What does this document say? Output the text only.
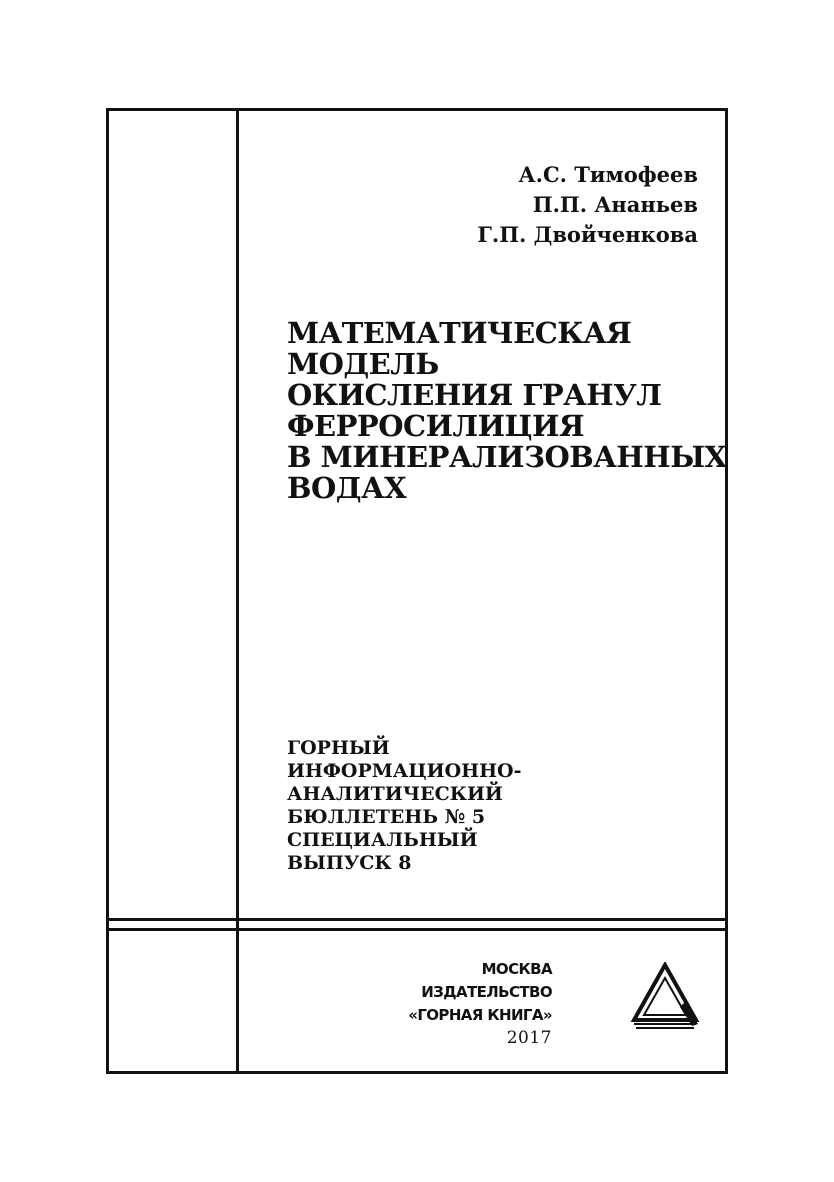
А.С. Тимофеев
П.П. Ананьев
Г.П. Двойченкова
МАТЕМАТИЧЕСКАЯ
МОДЕЛЬ
ОКИСЛЕНИЯ ГРАНУЛ
ФЕРРОСИЛИЦИЯ
В МИНЕРАЛИЗОВАННЫХ
ВОДАХ
ГОРНЫЙ
ИНФОРМАЦИОННО-
АНАЛИТИЧЕСКИЙ
БЮЛЛЕТЕНЬ № 5
СПЕЦИАЛЬНЫЙ
ВЫПУСК 8
МОСКВА
ИЗДАТЕЛЬСТВО
«ГОРНАЯ КНИГА»
2017
